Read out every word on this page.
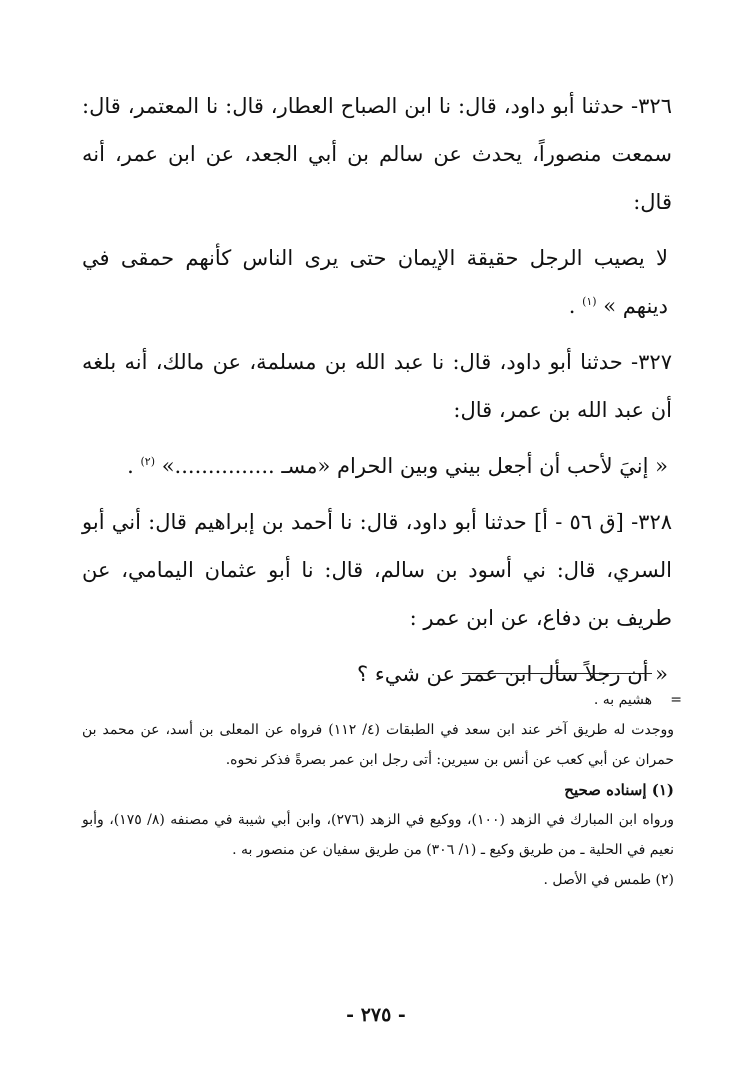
٣٢٦- حدثنا أبو داود، قال: نا ابن الصباح العطار، قال: نا المعتمر، قال: سمعت منصوراً، يحدث عن سالم بن أبي الجعد، عن ابن عمر، أنه قال:

لا يصيب الرجل حقيقة الإيمان حتى يرى الناس كأنهم حمقى في دينهم » $^{(١)}$ .

٣٢٧- حدثنا أبو داود، قال: نا عبد الله بن مسلمة، عن مالك، أنه بلغه أن عبد الله بن عمر، قال:

« إنيَ لأحب أن أجعل بيني وبين الحرام «مسـ ...............» $^{(٢)}$ .

٣٢٨- [ق ٥٦ - أ] حدثنا أبو داود، قال: نا أحمد بن إبراهيم قال: أني أبو السري، قال: ني أسود بن سالم، قال: نا أبو عثمان اليمامي، عن طريف بن دفاع، عن ابن عمر :

« أن رجلاً سأل ابن عمر عن شيء ؟

=
هشيم به .

ووجدت له طريق آخر عند ابن سعد في الطبقات (٤/ ١١٢) فرواه عن المعلى بن أسد، عن محمد بن حمران عن أبي كعب عن أنس بن سيرين: أتى رجل ابن عمر بصرةً فذكر نحوه.

(١) إسناده صحيح

ورواه ابن المبارك في الزهد (١٠٠)، ووكيع في الزهد (٢٧٦)، وابن أبي شيبة في مصنفه (٨/ ١٧٥)، وأبو نعيم في الحلية ـ من طريق وكيع ـ (١/ ٣٠٦) من طريق سفيان عن منصور به .

(٢) طمس في الأصل .

- ٢٧٥ -
